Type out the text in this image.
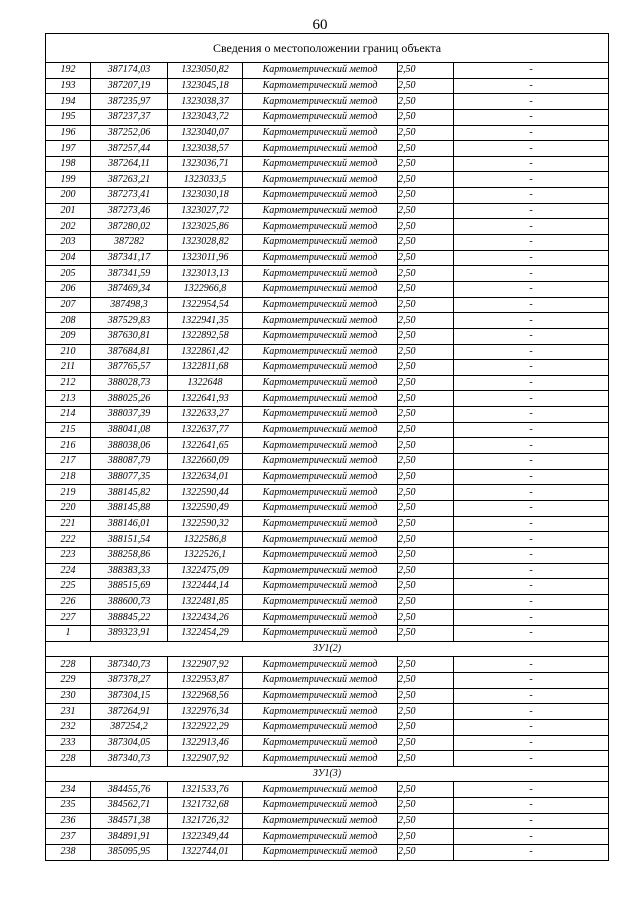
60
Сведения о местоположении границ объекта					
192	387174,03	1323050,82	Картометрический метод	2,50	-
193	387207,19	1323045,18	Картометрический метод	2,50	-
194	387235,97	1323038,37	Картометрический метод	2,50	-
195	387237,37	1323043,72	Картометрический метод	2,50	-
196	387252,06	1323040,07	Картометрический метод	2,50	-
197	387257,44	1323038,57	Картометрический метод	2,50	-
198	387264,11	1323036,71	Картометрический метод	2,50	-
199	387263,21	1323033,5	Картометрический метод	2,50	-
200	387273,41	1323030,18	Картометрический метод	2,50	-
201	387273,46	1323027,72	Картометрический метод	2,50	-
202	387280,02	1323025,86	Картометрический метод	2,50	-
203	387282	1323028,82	Картометрический метод	2,50	-
204	387341,17	1323011,96	Картометрический метод	2,50	-
205	387341,59	1323013,13	Картометрический метод	2,50	-
206	387469,34	1322966,8	Картометрический метод	2,50	-
207	387498,3	1322954,54	Картометрический метод	2,50	-
208	387529,83	1322941,35	Картометрический метод	2,50	-
209	387630,81	1322892,58	Картометрический метод	2,50	-
210	387684,81	1322861,42	Картометрический метод	2,50	-
211	387765,57	1322811,68	Картометрический метод	2,50	-
212	388028,73	1322648	Картометрический метод	2,50	-
213	388025,26	1322641,93	Картометрический метод	2,50	-
214	388037,39	1322633,27	Картометрический метод	2,50	-
215	388041,08	1322637,77	Картометрический метод	2,50	-
216	388038,06	1322641,65	Картометрический метод	2,50	-
217	388087,79	1322660,09	Картометрический метод	2,50	-
218	388077,35	1322634,01	Картометрический метод	2,50	-
219	388145,82	1322590,44	Картометрический метод	2,50	-
220	388145,88	1322590,49	Картометрический метод	2,50	-
221	388146,01	1322590,32	Картометрический метод	2,50	-
222	388151,54	1322586,8	Картометрический метод	2,50	-
223	388258,86	1322526,1	Картометрический метод	2,50	-
224	388383,33	1322475,09	Картометрический метод	2,50	-
225	388515,69	1322444,14	Картометрический метод	2,50	-
226	388600,73	1322481,85	Картометрический метод	2,50	-
227	388845,22	1322434,26	Картометрический метод	2,50	-
1	389323,91	1322454,29	Картометрический метод	2,50	-
ЗУ1(2)					
228	387340,73	1322907,92	Картометрический метод	2,50	-
229	387378,27	1322953,87	Картометрический метод	2,50	-
230	387304,15	1322968,56	Картометрический метод	2,50	-
231	387264,91	1322976,34	Картометрический метод	2,50	-
232	387254,2	1322922,29	Картометрический метод	2,50	-
233	387304,05	1322913,46	Картометрический метод	2,50	-
228	387340,73	1322907,92	Картометрический метод	2,50	-
ЗУ1(3)					
234	384455,76	1321533,76	Картометрический метод	2,50	-
235	384562,71	1321732,68	Картометрический метод	2,50	-
236	384571,38	1321726,32	Картометрический метод	2,50	-
237	384891,91	1322349,44	Картометрический метод	2,50	-
238	385095,95	1322744,01	Картометрический метод	2,50	-
